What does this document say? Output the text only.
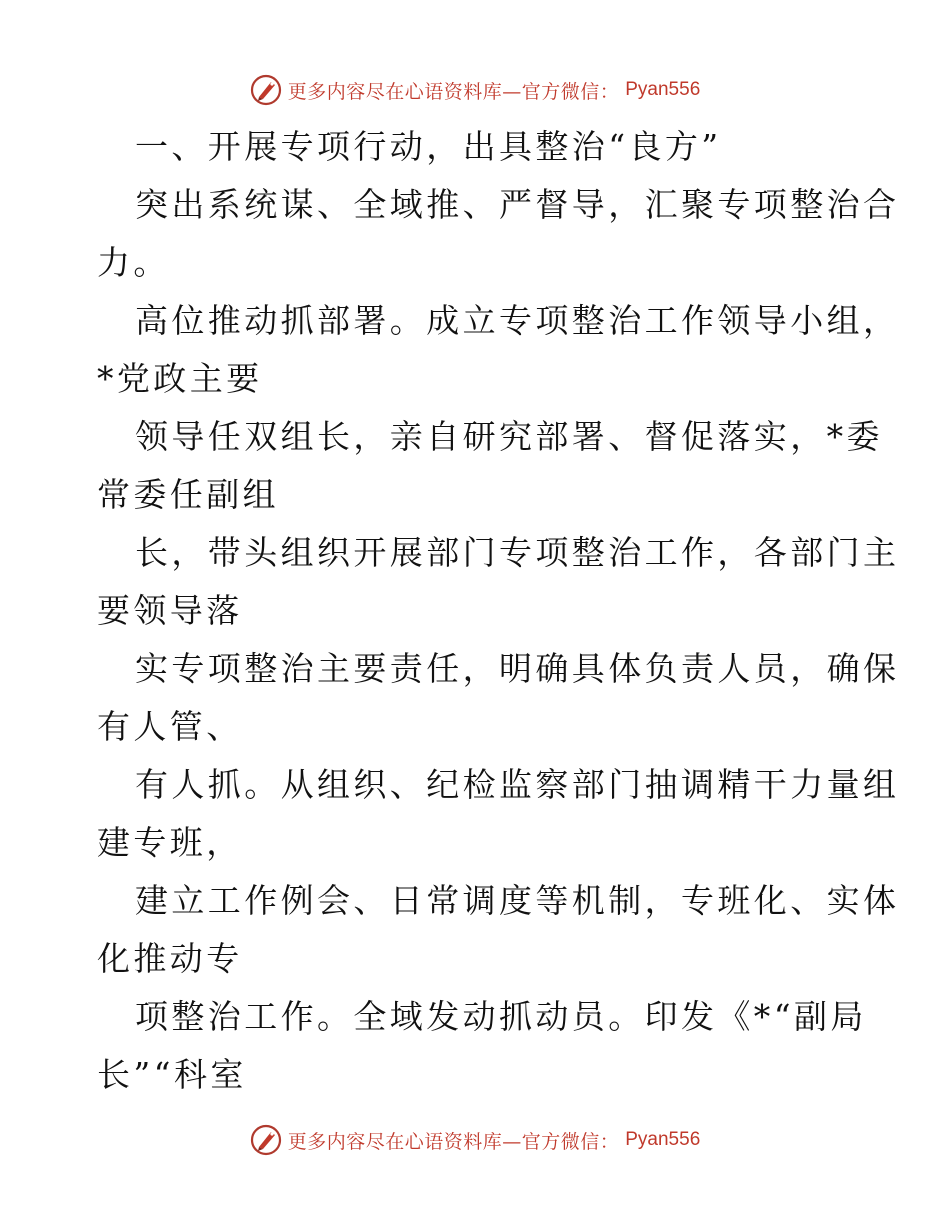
更多内容尽在心语资料库—官方微信： Pyan556
一、开展专项行动，出具整治“良方”
突出系统谋、全域推、严督导，汇聚专项整治合
力。
高位推动抓部署。成立专项整治工作领导小组，
*党政主要
领导任双组长，亲自研究部署、督促落实，*委
常委任副组
长，带头组织开展部门专项整治工作，各部门主
要领导落
实专项整治主要责任，明确具体负责人员，确保
有人管、
有人抓。从组织、纪检监察部门抽调精干力量组
建专班，
建立工作例会、日常调度等机制，专班化、实体
化推动专
项整治工作。全域发动抓动员。印发《*“副局
长”“科室
更多内容尽在心语资料库—官方微信： Pyan556
